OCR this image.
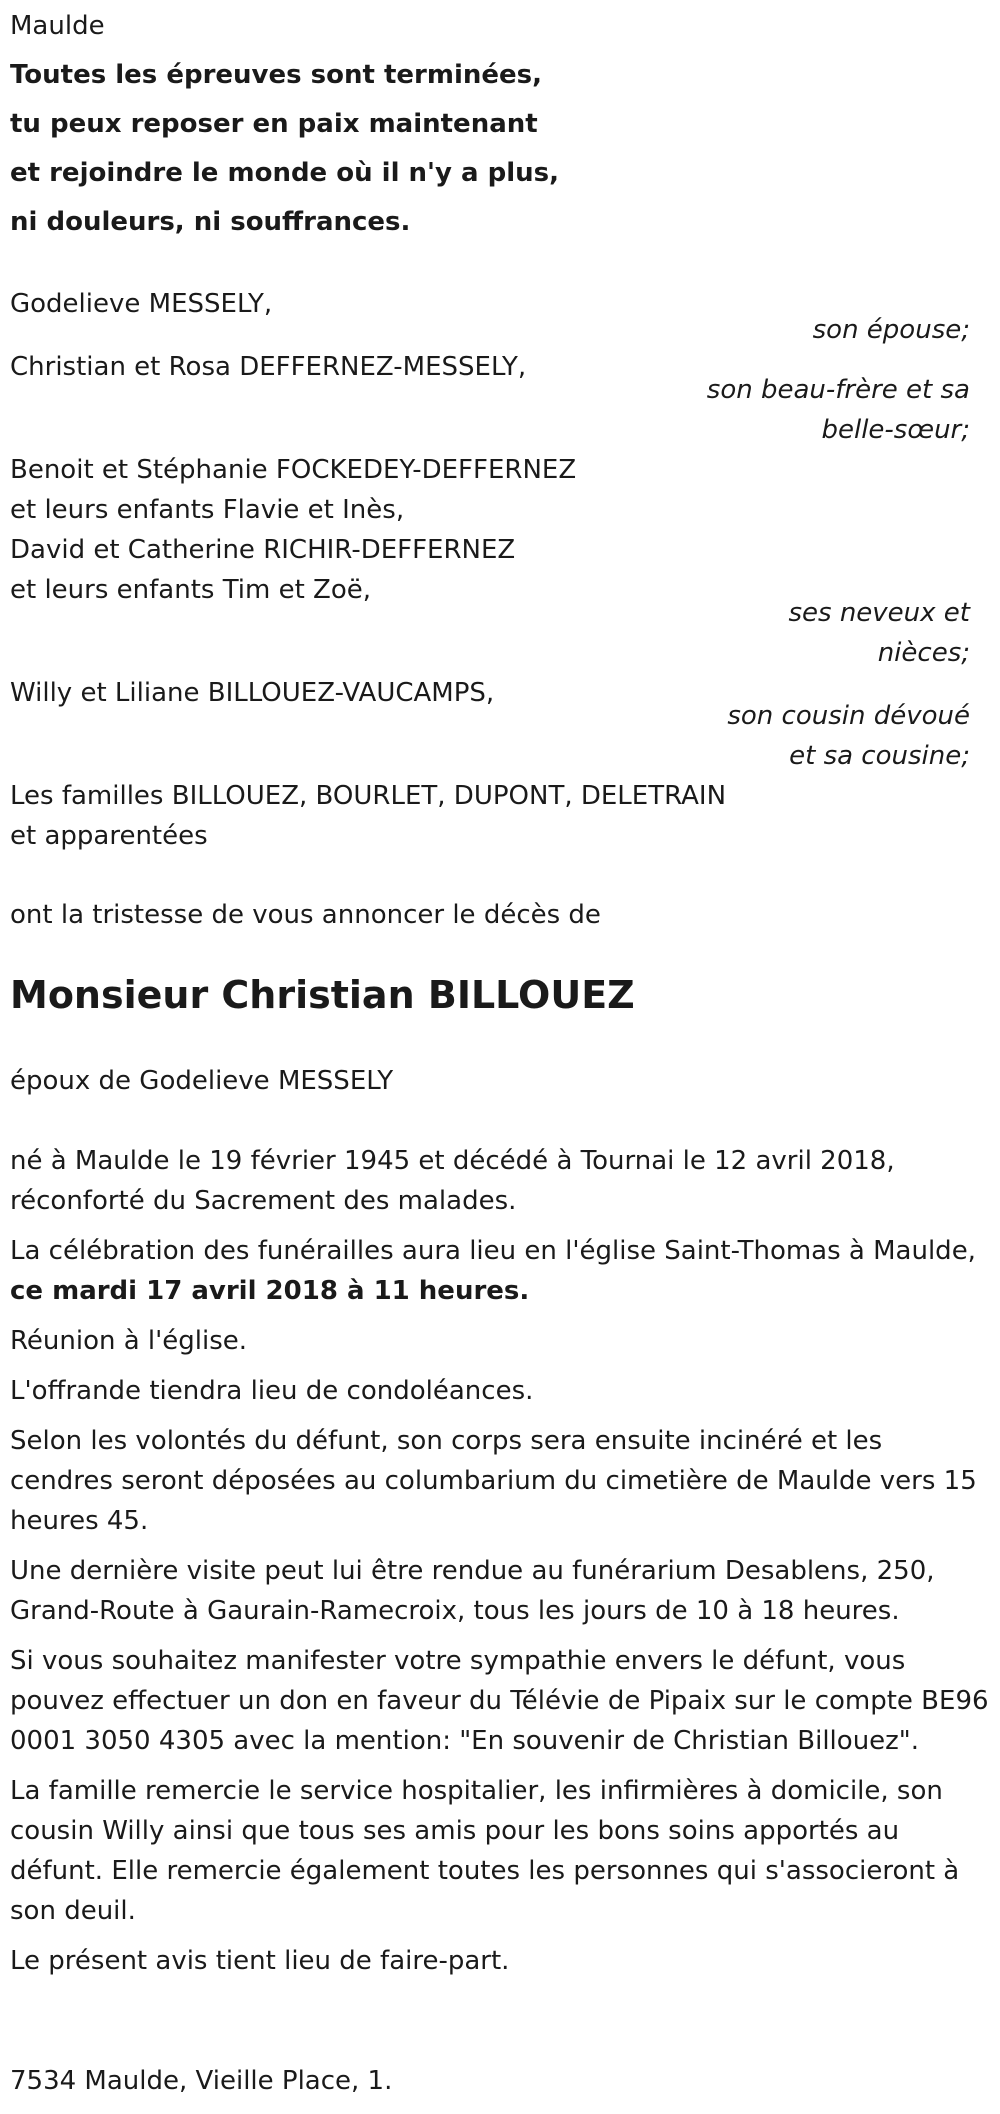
Maulde
Toutes les épreuves sont terminées,
tu peux reposer en paix maintenant
et rejoindre le monde où il n'y a plus,
ni douleurs, ni souffrances.
Godelieve MESSELY,
son épouse;
Christian et Rosa DEFFERNEZ-MESSELY,
son beau-frère et sa belle-sœur;
Benoit et Stéphanie FOCKEDEY-DEFFERNEZ
et leurs enfants Flavie et Inès,
David et Catherine RICHIR-DEFFERNEZ
et leurs enfants Tim et Zoë,
ses neveux et nièces;
Willy et Liliane BILLOUEZ-VAUCAMPS,
son cousin dévoué et sa cousine;
Les familles BILLOUEZ, BOURLET, DUPONT, DELETRAIN
et apparentées
ont la tristesse de vous annoncer le décès de
Monsieur Christian BILLOUEZ
époux de Godelieve MESSELY

né à Maulde le 19 février 1945 et décédé à Tournai le 12 avril 2018, réconforté du Sacrement des malades.

La célébration des funérailles aura lieu en l'église Saint-Thomas à Maulde, ce mardi 17 avril 2018 à 11 heures.

Réunion à l'église.

L'offrande tiendra lieu de condoléances.

Selon les volontés du défunt, son corps sera ensuite incinéré et les cendres seront déposées au columbarium du cimetière de Maulde vers 15 heures 45.

Une dernière visite peut lui être rendue au funérarium Desablens, 250, Grand-Route à Gaurain-Ramecroix, tous les jours de 10 à 18 heures.

Si vous souhaitez manifester votre sympathie envers le défunt, vous pouvez effectuer un don en faveur du Télévie de Pipaix sur le compte BE96 0001 3050 4305 avec la mention: "En souvenir de Christian Billouez".

La famille remercie le service hospitalier, les infirmières à domicile, son cousin Willy ainsi que tous ses amis pour les bons soins apportés au défunt. Elle remercie également toutes les personnes qui s'associeront à son deuil.

Le présent avis tient lieu de faire-part.

7534 Maulde, Vieille Place, 1.
